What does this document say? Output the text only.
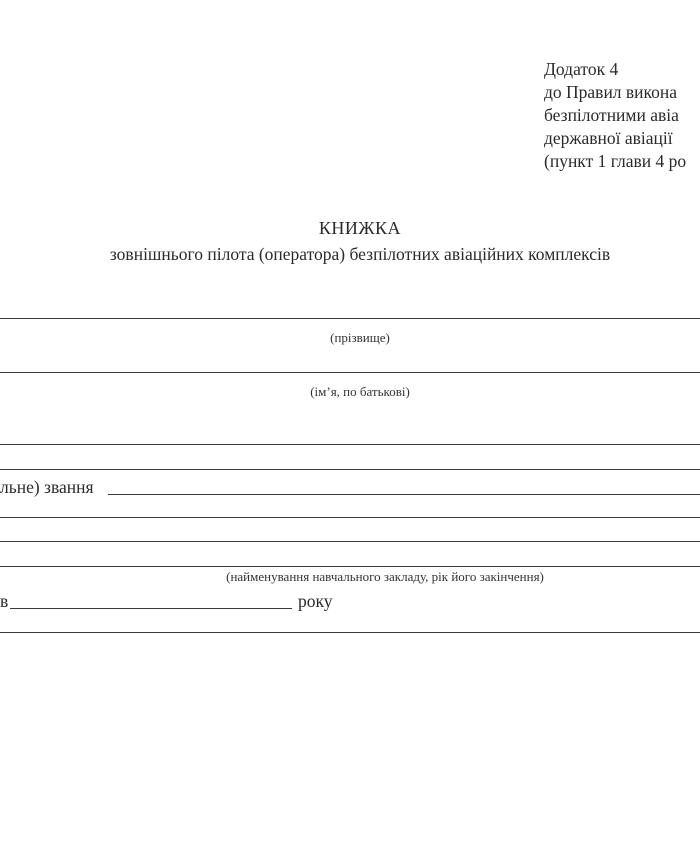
Додаток 4
до Правил викона
безпілотними авіа
державної авіації
(пункт 1 глави 4 ро
КНИЖКА
зовнішнього пілота (оператора) безпілотних авіаційних комплексів
(прізвище)
(ім’я, по батькові)
льне) звання
(найменування навчального закладу, рік його закінчення)
в	року
